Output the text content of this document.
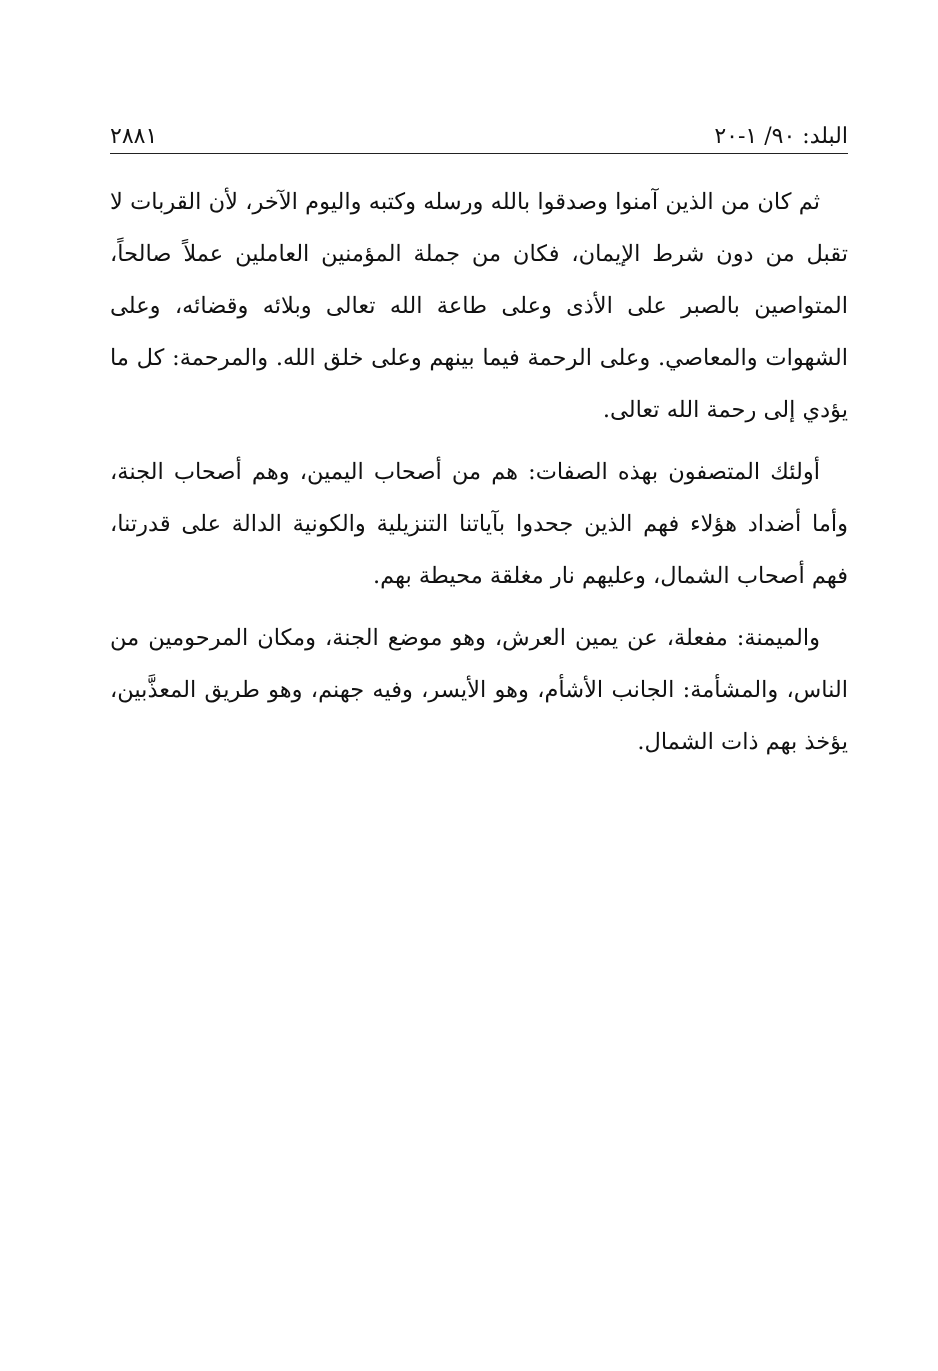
البلد: ٩٠/ ١-٢٠
٢٨٨١

ثم كان من الذين آمنوا وصدقوا بالله ورسله وكتبه واليوم الآخر، لأن القربات لا تقبل من دون شرط الإيمان، فكان من جملة المؤمنين العاملين عملاً صالحاً، المتواصين بالصبر على الأذى وعلى طاعة الله تعالى وبلائه وقضائه، وعلى الشهوات والمعاصي. وعلى الرحمة فيما بينهم وعلى خلق الله. والمرحمة: كل ما يؤدي إلى رحمة الله تعالى.

أولئك المتصفون بهذه الصفات: هم من أصحاب اليمين، وهم أصحاب الجنة، وأما أضداد هؤلاء فهم الذين جحدوا بآياتنا التنزيلية والكونية الدالة على قدرتنا، فهم أصحاب الشمال، وعليهم نار مغلقة محيطة بهم.

والميمنة: مفعلة، عن يمين العرش، وهو موضع الجنة، ومكان المرحومين من الناس، والمشأمة: الجانب الأشأم، وهو الأيسر، وفيه جهنم، وهو طريق المعذَّبين، يؤخذ بهم ذات الشمال.
